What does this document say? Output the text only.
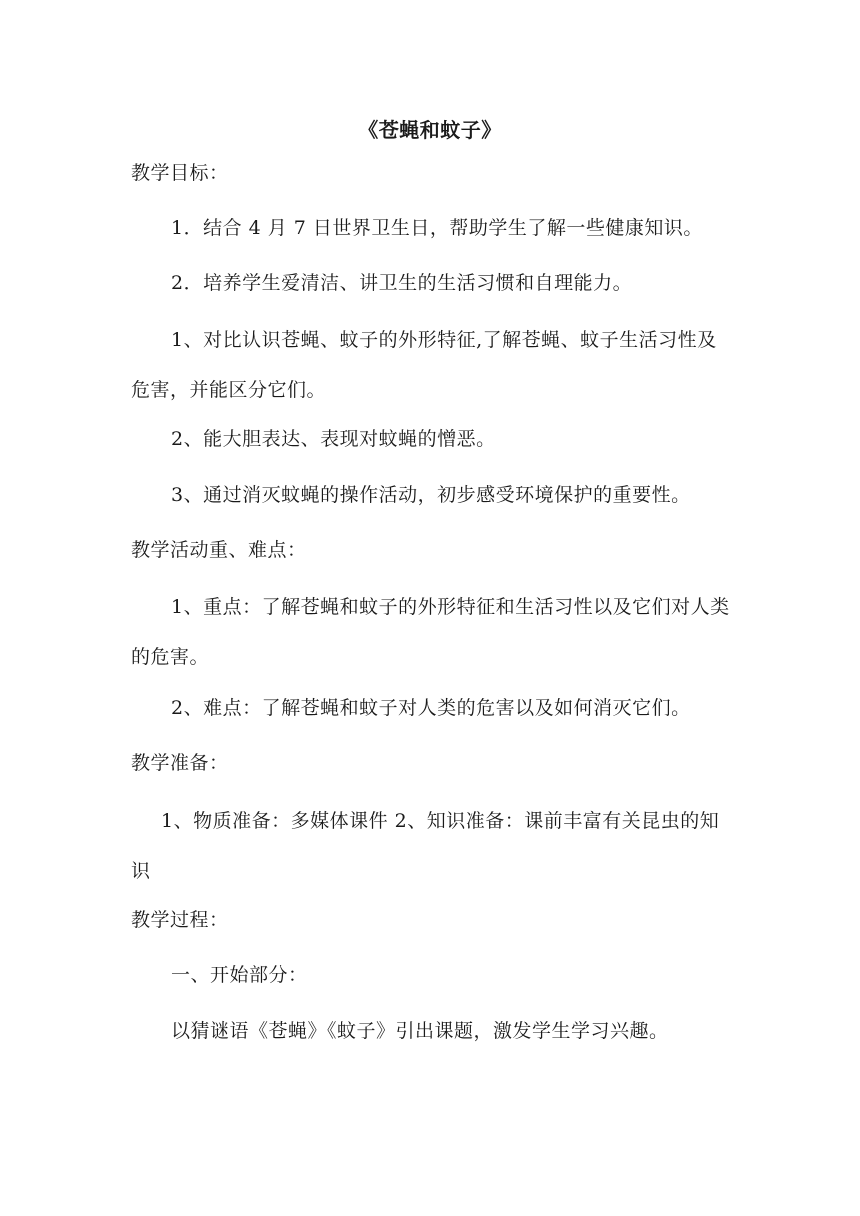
《苍蝇和蚊子》
教学目标：
1．结合 4 月 7 日世界卫生日，帮助学生了解一些健康知识。
2．培养学生爱清洁、讲卫生的生活习惯和自理能力。
1、对比认识苍蝇、蚊子的外形特征,了解苍蝇、蚊子生活习性及危害，并能区分它们。
2、能大胆表达、表现对蚊蝇的憎恶。
3、通过消灭蚊蝇的操作活动，初步感受环境保护的重要性。
教学活动重、难点：
1、重点：了解苍蝇和蚊子的外形特征和生活习性以及它们对人类的危害。
2、难点：了解苍蝇和蚊子对人类的危害以及如何消灭它们。
教学准备：
1、物质准备：多媒体课件 2、知识准备：课前丰富有关昆虫的知识
教学过程：
一、开始部分：
以猜谜语《苍蝇》《蚊子》引出课题，激发学生学习兴趣。
